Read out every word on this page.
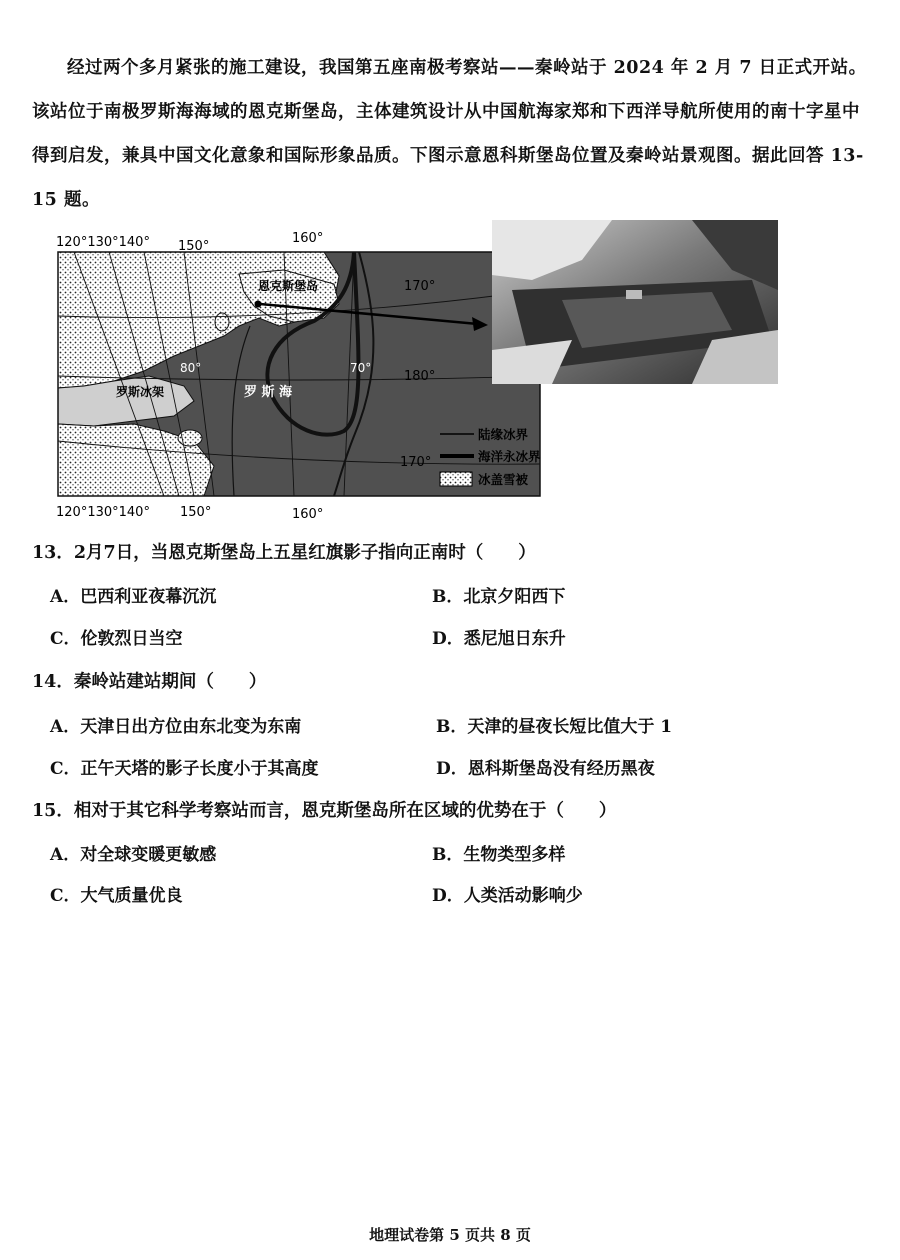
经过两个多月紧张的施工建设，我国第五座南极考察站——秦岭站于 2024 年 2 月 7 日正式开站。该站位于南极罗斯海海域的恩克斯堡岛，主体建筑设计从中国航海家郑和下西洋导航所使用的南十字星中得到启发，兼具中国文化意象和国际形象品质。下图示意恩科斯堡岛位置及秦岭站景观图。据此回答 13-15 题。

120°130°140° 150°
160°
120°130°140° 150°	160°
170°
180°
170°
80°	70°
恩克斯堡岛
罗斯冰架	罗 斯 海
陆缘冰界
海洋永冰界
冰盖雪被
13．2月7日，当恩克斯堡岛上五星红旗影子指向正南时（　　）
A．巴西利亚夜幕沉沉	B．北京夕阳西下
C．伦敦烈日当空	D．悉尼旭日东升
14．秦岭站建站期间（　　）
A．天津日出方位由东北变为东南	B．天津的昼夜长短比值大于 1
C．正午天塔的影子长度小于其高度	D．恩科斯堡岛没有经历黑夜
15．相对于其它科学考察站而言，恩克斯堡岛所在区域的优势在于（　　）
A．对全球变暖更敏感	B．生物类型多样
C．大气质量优良	D．人类活动影响少
地理试卷第 5 页共 8 页
